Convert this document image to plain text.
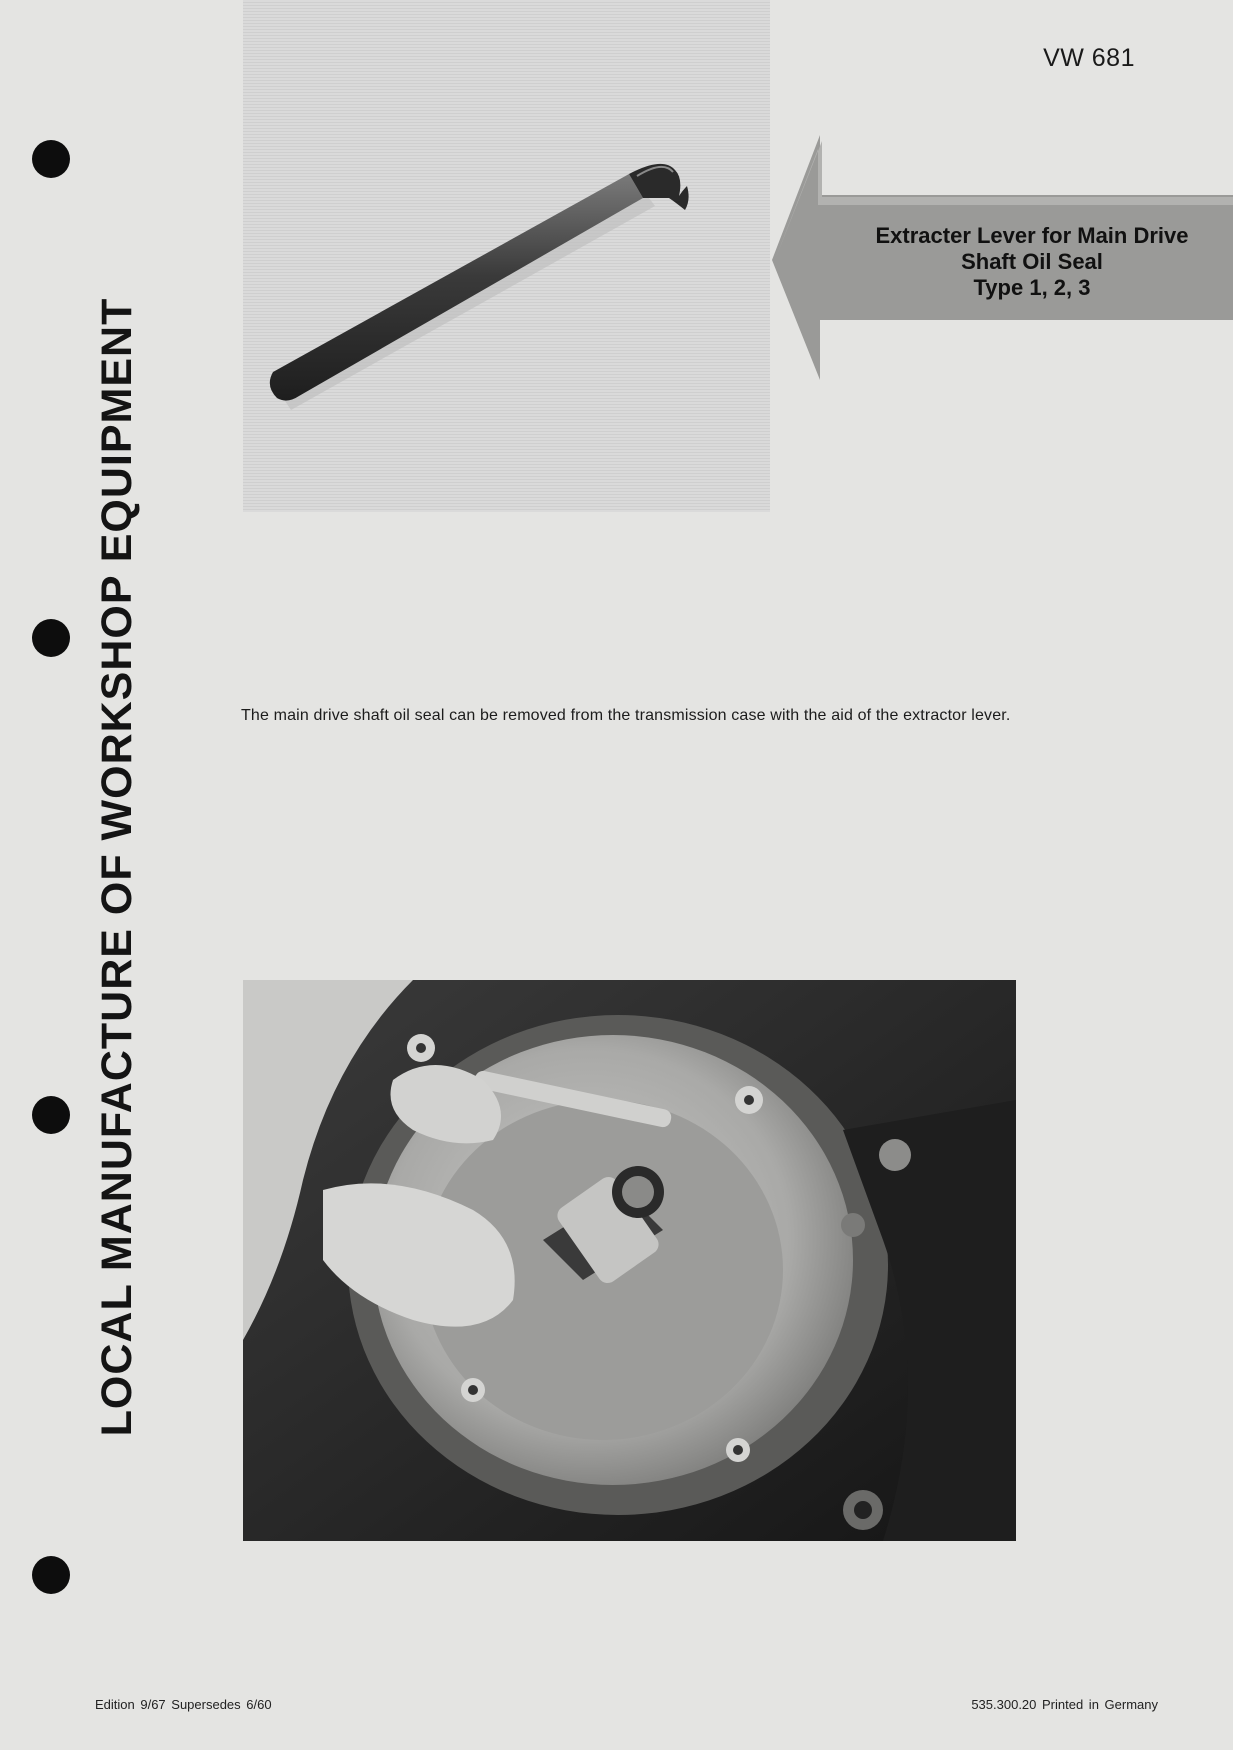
VW 681
LOCAL MANUFACTURE OF WORKSHOP EQUIPMENT
Extracter Lever for Main Drive
Shaft Oil Seal
Type 1, 2, 3
The main drive shaft oil seal can be removed from the transmission case with the aid of the extractor lever.
Edition 9/67 Supersedes 6/60	535.300.20 Printed in Germany
